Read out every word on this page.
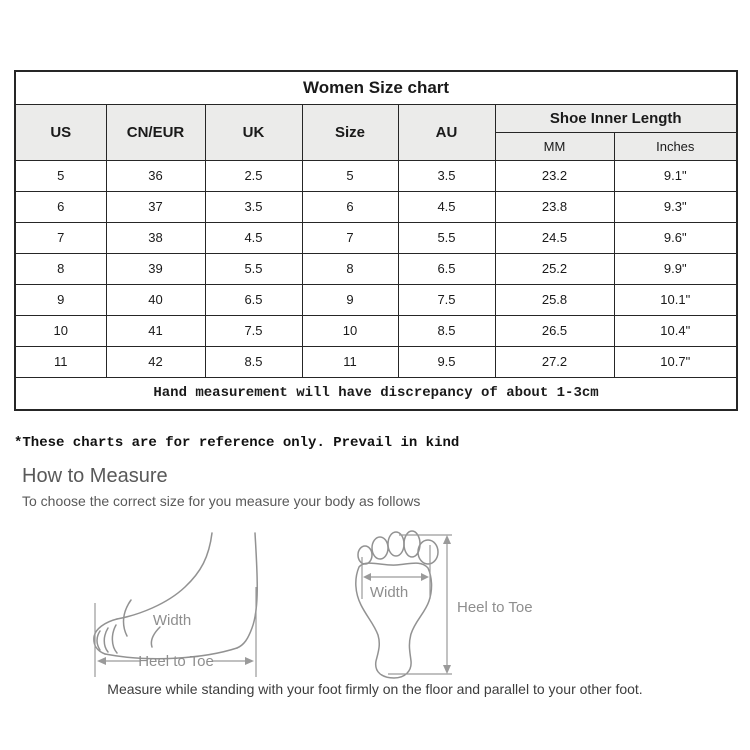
Women Size chart						
US	CN/EUR	UK	Size	AU	Shoe Inner Length	
					MM	Inches
5	36	2.5	5	3.5	23.2	9.1"
6	37	3.5	6	4.5	23.8	9.3"
7	38	4.5	7	5.5	24.5	9.6"
8	39	5.5	8	6.5	25.2	9.9"
9	40	6.5	9	7.5	25.8	10.1"
10	41	7.5	10	8.5	26.5	10.4"
11	42	8.5	11	9.5	27.2	10.7"
Hand measurement will have discrepancy of about 1-3cm						
*These charts are for reference only. Prevail in kind
How to Measure
To choose the correct size for you measure your body as follows
Width
Heel to Toe
Width
Heel to Toe
Measure while standing with your foot firmly on the floor and parallel to your other foot.
